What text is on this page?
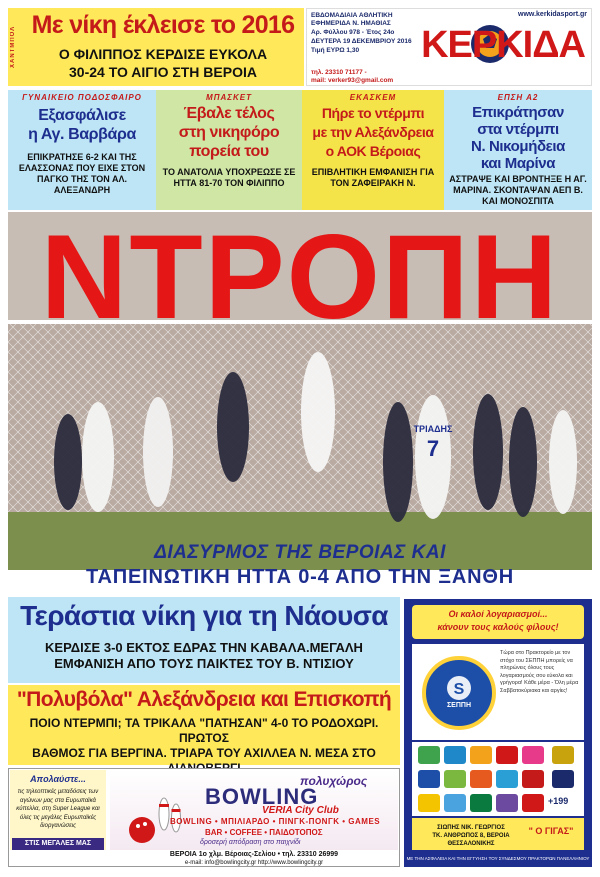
ΧΑΝΤΜΠΟΛ
Με νίκη έκλεισε το 2016
Ο ΦΙΛΙΠΠΟΣ ΚΕΡΔΙΣΕ ΕΥΚΟΛΑ
30-24 ΤΟ ΑΙΓΙΟ ΣΤΗ ΒΕΡΟΙΑ
ΕΒΔΟΜΑΔΙΑΙΑ ΑΘΛΗΤΙΚΗ
ΕΦΗΜΕΡΙΔΑ Ν. ΗΜΑΘΙΑΣ
Αρ. Φύλλου 978 - Έτος 24ο
ΔΕΥΤΕΡΑ 19 ΔΕΚΕΜΒΡΙΟΥ 2016
Τιμή ΕΥΡΩ 1,30
τηλ. 23310 71177 -
mail: verker93@gmail.com
www.kerkidasport.gr
ΚΕΡΚΙΔΑ
ΓΥΝΑΙΚΕΙΟ ΠΟΔΟΣΦΑΙΡΟ
Εξασφάλισε
η Αγ. Βαρβάρα
ΕΠΙΚΡΑΤΗΣΕ 6-2 ΚΑΙ ΤΗΣ ΕΛΑΣΣΟΝΑΣ ΠΟΥ ΕΙΧΕ ΣΤΟΝ ΠΑΓΚΟ ΤΗΣ ΤΟΝ ΑΛ. ΑΛΕΞΑΝΔΡΗ
ΜΠΑΣΚΕΤ
Έβαλε τέλος
στη νικηφόρο
πορεία του
ΤΟ ΑΝΑΤΟΛΙΑ ΥΠΟΧΡΕΩΣΕ ΣΕ ΗΤΤΑ 81-70 ΤΟΝ ΦΙΛΙΠΠΟ
ΕΚΑΣΚΕΜ
Πήρε το ντέρμπι
με την Αλεξάνδρεια
ο ΑΟΚ Βέροιας
ΕΠΙΒΛΗΤΙΚΗ ΕΜΦΑΝΙΣΗ ΓΙΑ ΤΟΝ ΖΑΦΕΙΡΑΚΗ Ν.
ΕΠΣΗ Α2
Επικράτησαν
στα ντέρμπι
Ν. Νικομήδεια
και Μαρίνα
ΑΣΤΡΑΨΕ ΚΑΙ ΒΡΟΝΤΗΞΕ Η ΑΓ. ΜΑΡΙΝΑ. ΣΚΟΝΤΑΨΑΝ ΑΕΠ Β. ΚΑΙ ΜΟΝΟΣΠΙΤΑ
ΤΡΙΑΔΗΣ
7
ΝΤΡΟΠΗ
ΔΙΑΣΥΡΜΟΣ ΤΗΣ ΒΕΡΟΙΑΣ ΚΑΙ
ΤΑΠΕΙΝΩΤΙΚΗ ΗΤΤΑ 0-4 ΑΠΟ ΤΗΝ ΞΑΝΘΗ
Τεράστια νίκη για τη Νάουσα
ΚΕΡΔΙΣΕ 3-0 ΕΚΤΟΣ ΕΔΡΑΣ ΤΗΝ ΚΑΒΑΛΑ.ΜΕΓΑΛΗ
ΕΜΦΑΝΙΣΗ ΑΠΟ ΤΟΥΣ ΠΑΙΚΤΕΣ ΤΟΥ Β. ΝΤΙΣΙΟΥ
"Πολυβόλα" Αλεξάνδρεια και Επισκοπή
ΠΟΙΟ ΝΤΕΡΜΠΙ; ΤΑ ΤΡΙΚΑΛΑ "ΠΑΤΗΣΑΝ" 4-0 ΤΟ ΡΟΔΟΧΩΡΙ. ΠΡΩΤΟΣ
ΒΑΘΜΟΣ ΓΙΑ ΒΕΡΓΙΝΑ. ΤΡΙΑΡΑ ΤΟΥ ΑΧΙΛΛΕΑ Ν. ΜΕΣΑ ΣΤΟ
Οι καλοί λογαριασμοί...
κάνουν τους καλούς φίλους!
S
ΣΕΠΠΗ
Τώρα στο Πρακτορείο με τον στόχο του ΣΕΠΠΗ μπορείς να πληρώνεις όλους τους λογαριασμούς σου εύκολα και γρήγορα! Κάθε μέρα - Όλη μέρα Σαββατοκύριακα και αργίες!
+199
ΣΙΩΠΗΣ ΝΙΚ. ΓΕΩΡΓΙΟΣ
ΤΚ. ΑΝΘΡΩΠΟΣ 8, ΒΕΡΟΙΑ
ΘΕΣΣΑΛΟΝΙΚΗΣ
" Ο ΓΙΓΑΣ"
ΜΕ ΤΗΝ ΑΣΦΑΛΕΙΑ ΚΑΙ ΤΗΝ ΕΓΓΥΗΣΗ ΤΟΥ ΣΥΝΔΕΣΜΟΥ ΠΡΑΚΤΟΡΩΝ ΠΑΝΕΛΛΗΝΙΟΥ
Απολαύστε...
τις τηλεοπτικές μεταδόσεις των αγώνων μας στα Ευρωπαϊκά κύπελλα, στη Super League και όλες τις μεγάλες Ευρωπαϊκές διοργανώσεις
ΣΤΙΣ ΜΕΓΑΛΕΣ ΜΑΣ ΟΘΟΝΕΣ
πολυχώρος
BOWLING
VERIA City Club
BOWLING • ΜΠΙΛΙΑΡΔΟ • ΠΙΝΓΚ-ΠΟΝΓΚ • GAMES
BAR • COFFEE • ΠΑΙΔΟΤΟΠΟΣ
δροσερή απόδραση στο παιχνίδι
ΒΕΡΟΙΑ 1ο χλμ. Βέροιας-Σελίου • τηλ. 23310 26999
e-mail: info@bowlingcity.gr http://www.bowlingcity.gr
